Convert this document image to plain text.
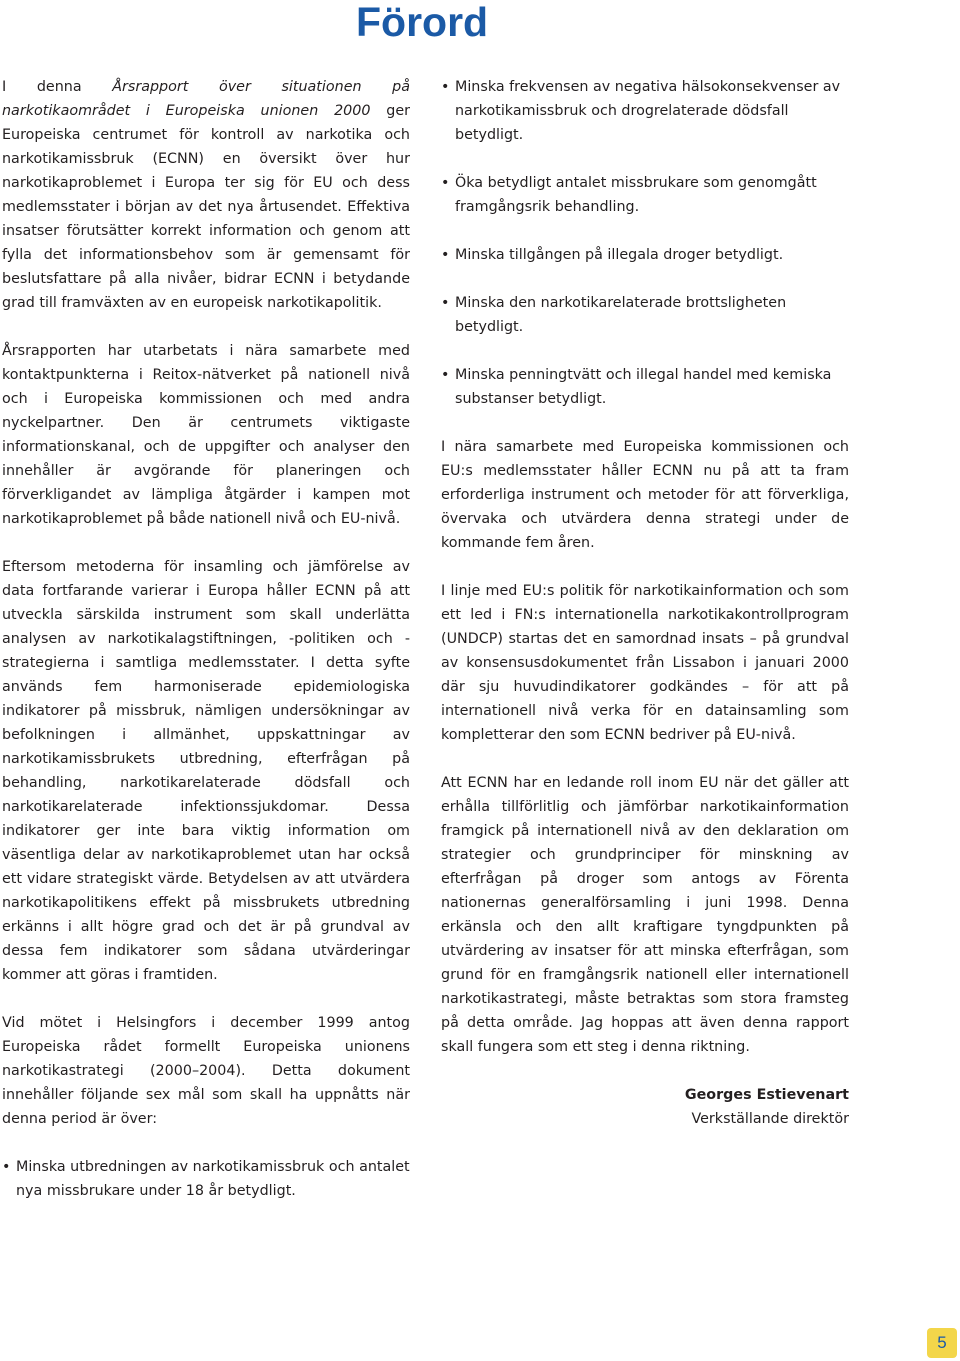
Förord

I denna Årsrapport över situationen på narkotikaområdet i Europeiska unionen 2000 ger Europeiska centrumet för kontroll av narkotika och narkotikamissbruk (ECNN) en översikt över hur narkotikaproblemet i Europa ter sig för EU och dess medlemsstater i början av det nya årtusendet. Effektiva insatser förutsätter korrekt information och genom att fylla det informationsbehov som är gemensamt för beslutsfattare på alla nivåer, bidrar ECNN i betydande grad till framväxten av en europeisk narkotikapolitik.

Årsrapporten har utarbetats i nära samarbete med kontaktpunkterna i Reitox-nätverket på nationell nivå och i Europeiska kommissionen och med andra nyckelpartner. Den är centrumets viktigaste informationskanal, och de uppgifter och analyser den innehåller är avgörande för planeringen och förverkligandet av lämpliga åtgärder i kampen mot narkotikaproblemet på både nationell nivå och EU-nivå.

Eftersom metoderna för insamling och jämförelse av data fortfarande varierar i Europa håller ECNN på att utveckla särskilda instrument som skall underlätta analysen av narkotikalagstiftningen, -politiken och -strategierna i samtliga medlemsstater. I detta syfte används fem harmoniserade epidemiologiska indikatorer på missbruk, nämligen undersökningar av befolkningen i allmänhet, uppskattningar av narkotikamissbrukets utbredning, efterfrågan på behandling, narkotikarelaterade dödsfall och narkotikarelaterade infektionssjukdomar. Dessa indikatorer ger inte bara viktig information om väsentliga delar av narkotikaproblemet utan har också ett vidare strategiskt värde. Betydelsen av att utvärdera narkotikapolitikens effekt på missbrukets utbredning erkänns i allt högre grad och det är på grundval av dessa fem indikatorer som sådana utvärderingar kommer att göras i framtiden.

Vid mötet i Helsingfors i december 1999 antog Europeiska rådet formellt Europeiska unionens narkotikastrategi (2000–2004). Detta dokument innehåller följande sex mål som skall ha uppnåtts när denna period är över:

• Minska utbredningen av narkotikamissbruk och antalet nya missbrukare under 18 år betydligt.
• Minska frekvensen av negativa hälsokonsekvenser av narkotikamissbruk och drogrelaterade dödsfall betydligt.
• Öka betydligt antalet missbrukare som genomgått framgångsrik behandling.
• Minska tillgången på illegala droger betydligt.
• Minska den narkotikarelaterade brottsligheten betydligt.
• Minska penningtvätt och illegal handel med kemiska substanser betydligt.

I nära samarbete med Europeiska kommissionen och EU:s medlemsstater håller ECNN nu på att ta fram erforderliga instrument och metoder för att förverkliga, övervaka och utvärdera denna strategi under de kommande fem åren.

I linje med EU:s politik för narkotikainformation och som ett led i FN:s internationella narkotikakontrollprogram (UNDCP) startas det en samordnad insats – på grundval av konsensusdokumentet från Lissabon i januari 2000 där sju huvudindikatorer godkändes – för att på internationell nivå verka för en datainsamling som kompletterar den som ECNN bedriver på EU-nivå.

Att ECNN har en ledande roll inom EU när det gäller att erhålla tillförlitlig och jämförbar narkotikainformation framgick på internationell nivå av den deklaration om strategier och grundprinciper för minskning av efterfrågan på droger som antogs av Förenta nationernas generalförsamling i juni 1998. Denna erkänsla och den allt kraftigare tyngdpunkten på utvärdering av insatser för att minska efterfrågan, som grund för en framgångsrik nationell eller internationell narkotikastrategi, måste betraktas som stora framsteg på detta område. Jag hoppas att även denna rapport skall fungera som ett steg i denna riktning.

Georges Estievenart
Verkställande direktör
5
